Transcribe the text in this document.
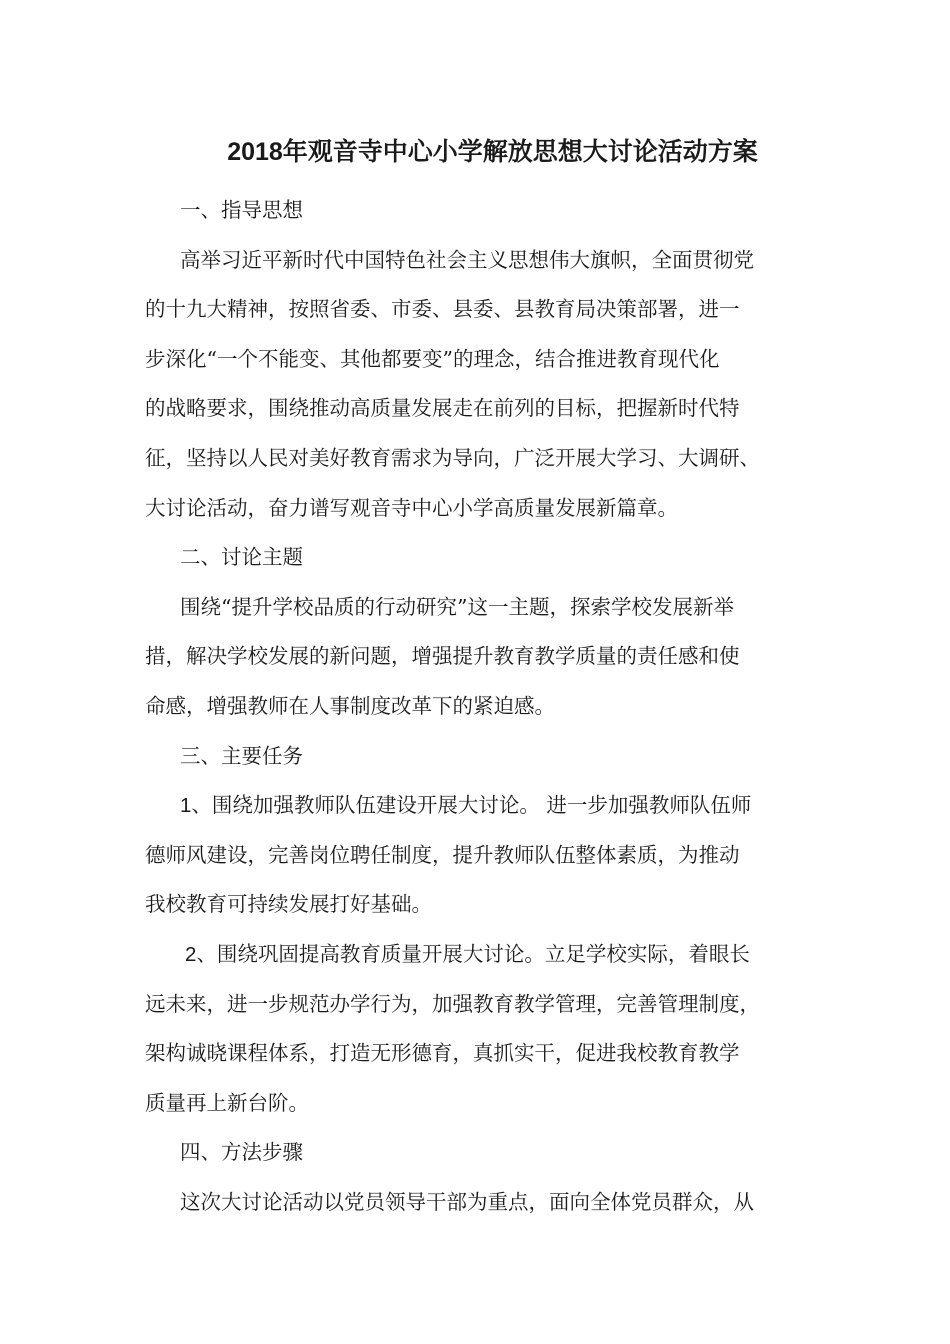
2018年观音寺中心小学解放思想大讨论活动方案

一、指导思想

高举习近平新时代中国特色社会主义思想伟大旗帜，全面贯彻党

的十九大精神，按照省委、市委、县委、县教育局决策部署，进一

步深化“一个不能变、其他都要变”的理念，结合推进教育现代化

的战略要求，围绕推动高质量发展走在前列的目标，把握新时代特

征，坚持以人民对美好教育需求为导向，广泛开展大学习、大调研、

大讨论活动，奋力谱写观音寺中心小学高质量发展新篇章。

二、讨论主题

围绕“提升学校品质的行动研究”这一主题，探索学校发展新举

措，解决学校发展的新问题，增强提升教育教学质量的责任感和使

命感，增强教师在人事制度改革下的紧迫感。

三、主要任务

1、围绕加强教师队伍建设开展大讨论。 进一步加强教师队伍师

德师风建设，完善岗位聘任制度，提升教师队伍整体素质，为推动

我校教育可持续发展打好基础。

2、围绕巩固提高教育质量开展大讨论。立足学校实际，着眼长

远未来，进一步规范办学行为，加强教育教学管理，完善管理制度，

架构诚晓课程体系，打造无形德育，真抓实干，促进我校教育教学

质量再上新台阶。

四、方法步骤

这次大讨论活动以党员领导干部为重点，面向全体党员群众，从
